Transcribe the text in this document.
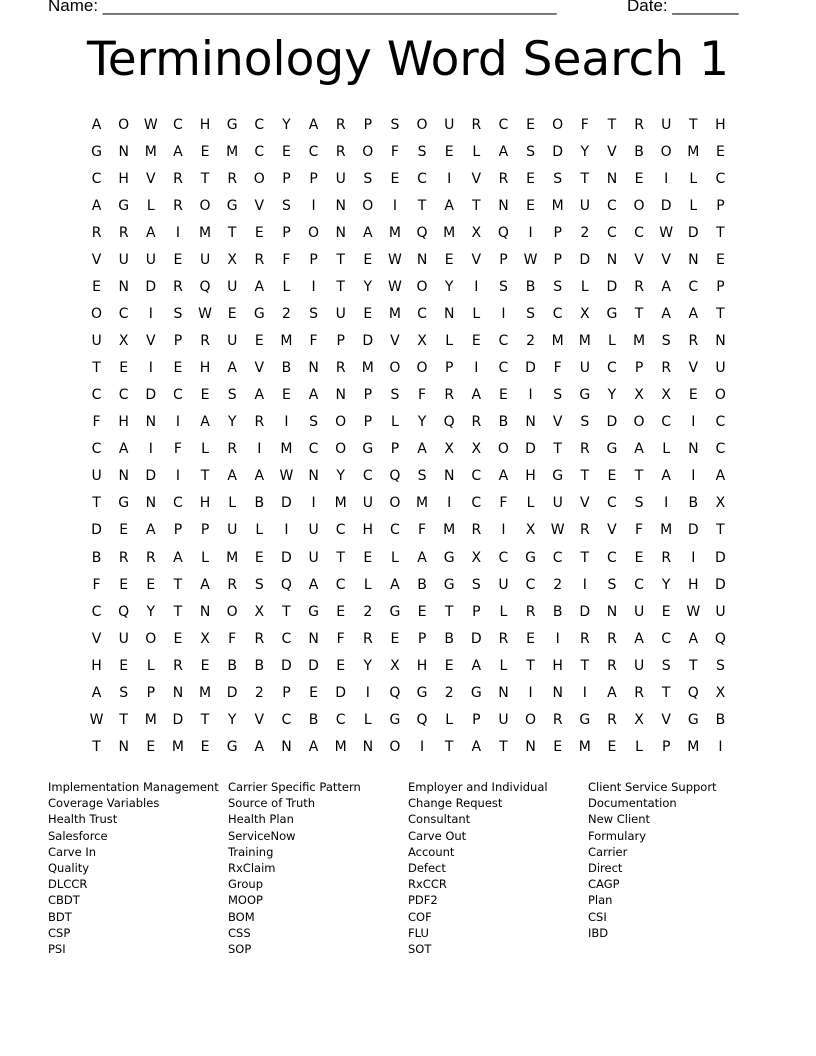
Name: ________________________________________________	Date: _______
Terminology Word Search 1
A	O	W	C	H	G	C	Y	A	R	P	S	O	U	R	C	E	O	F	T	R	U	T	H
G	N	M	A	E	M	C	E	C	R	O	F	S	E	L	A	S	D	Y	V	B	O	M	E
C	H	V	R	T	R	O	P	P	U	S	E	C	I	V	R	E	S	T	N	E	I	L	C
A	G	L	R	O	G	V	S	I	N	O	I	T	A	T	N	E	M	U	C	O	D	L	P
R	R	A	I	M	T	E	P	O	N	A	M	Q	M	X	Q	I	P	2	C	C	W	D	T
V	U	U	E	U	X	R	F	P	T	E	W	N	E	V	P	W	P	D	N	V	V	N	E
E	N	D	R	Q	U	A	L	I	T	Y	W	O	Y	I	S	B	S	L	D	R	A	C	P
O	C	I	S	W	E	G	2	S	U	E	M	C	N	L	I	S	C	X	G	T	A	A	T
U	X	V	P	R	U	E	M	F	P	D	V	X	L	E	C	2	M	M	L	M	S	R	N
T	E	I	E	H	A	V	B	N	R	M	O	O	P	I	C	D	F	U	C	P	R	V	U
C	C	D	C	E	S	A	E	A	N	P	S	F	R	A	E	I	S	G	Y	X	X	E	O
F	H	N	I	A	Y	R	I	S	O	P	L	Y	Q	R	B	N	V	S	D	O	C	I	C
C	A	I	F	L	R	I	M	C	O	G	P	A	X	X	O	D	T	R	G	A	L	N	C
U	N	D	I	T	A	A	W	N	Y	C	Q	S	N	C	A	H	G	T	E	T	A	I	A
T	G	N	C	H	L	B	D	I	M	U	O	M	I	C	F	L	U	V	C	S	I	B	X
D	E	A	P	P	U	L	I	U	C	H	C	F	M	R	I	X	W	R	V	F	M	D	T
B	R	R	A	L	M	E	D	U	T	E	L	A	G	X	C	G	C	T	C	E	R	I	D
F	E	E	T	A	R	S	Q	A	C	L	A	B	G	S	U	C	2	I	S	C	Y	H	D
C	Q	Y	T	N	O	X	T	G	E	2	G	E	T	P	L	R	B	D	N	U	E	W	U
V	U	O	E	X	F	R	C	N	F	R	E	P	B	D	R	E	I	R	R	A	C	A	Q
H	E	L	R	E	B	B	D	D	E	Y	X	H	E	A	L	T	H	T	R	U	S	T	S
A	S	P	N	M	D	2	P	E	D	I	Q	G	2	G	N	I	N	I	A	R	T	Q	X
W	T	M	D	T	Y	V	C	B	C	L	G	Q	L	P	U	O	R	G	R	X	V	G	B
T	N	E	M	E	G	A	N	A	M	N	O	I	T	A	T	N	E	M	E	L	P	M	I
Implementation Management
Coverage Variables
Health Trust
Salesforce
Carve In
Quality
DLCCR
CBDT
BDT
CSP
PSI
Carrier Specific Pattern
Source of Truth
Health Plan
ServiceNow
Training
RxClaim
Group
MOOP
BOM
CSS
SOP
Employer and Individual
Change Request
Consultant
Carve Out
Account
Defect
RxCCR
PDF2
COF
FLU
SOT
Client Service Support
Documentation
New Client
Formulary
Carrier
Direct
CAGP
Plan
CSI
IBD
